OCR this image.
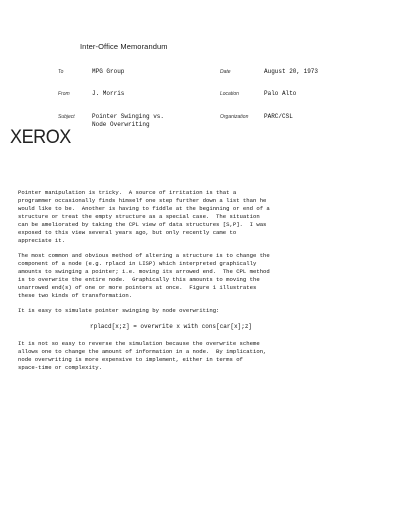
Inter-Office Memorandum
To	MPG Group
From	J. Morris
Subject	Pointer Swinging vs.
Node Overwriting
Date	August 20, 1973
Location	Palo Alto
Organization	PARC/CSL
XEROX
Pointer manipulation is tricky.  A source of irritation is that a
programmer occasionally finds himself one step further down a list than he
would like to be.  Another is having to fiddle at the beginning or end of a
structure or treat the empty structure as a special case.  The situation
can be ameliorated by taking the CPL view of data structures [S,P].  I was
exposed to this view several years ago, but only recently came to
appreciate it.
The most common and obvious method of altering a structure is to change the
component of a node (e.g. rplacd in LISP) which interpreted graphically
amounts to swinging a pointer; i.e. moving its arrowed end.  The CPL method
is to overwrite the entire node.  Graphically this amounts to moving the
unarrowed end(s) of one or more pointers at once.  Figure 1 illustrates
these two kinds of transformation.
It is easy to simulate pointer swinging by node overwriting:
rplacd[x;z] = overwrite x with cons[car[x];z]
It is not so easy to reverse the simulation because the overwrite scheme
allows one to change the amount of information in a node.  By implication,
node overwriting is more expensive to implement, either in terms of
space-time or complexity.
